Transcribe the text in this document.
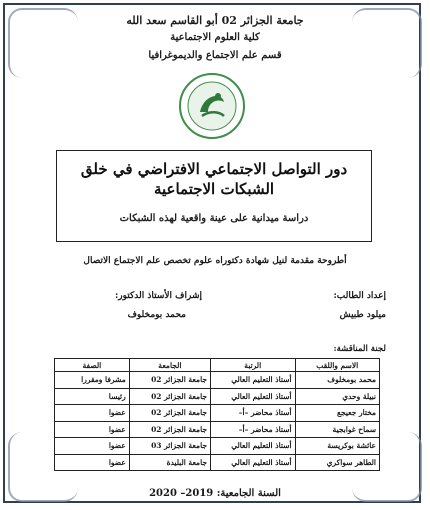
جامعة الجزائر 02 أبو القاسم سعد الله
كلية العلوم الاجتماعية
قسم علم الاجتماع والديموغرافيا
دور التواصل الاجتماعي الافتراضي في خلق الشبكات الاجتماعية
دراسة ميدانية على عينة واقعية لهذه الشبكات
أطروحة مقدمة لنيل شهادة دكتوراه علوم تخصص علم الاجتماع الاتصال
إعداد الطالب:
ميلود طبيش
إشراف الأستاذ الدكتور:
محمد بومخلوف
لجنة المناقشة:
الاسم واللقب	الرتبة	الجامعة	الصفة
محمد بومخلوف	أستاذ التعليم العالي	جامعة الجزائر 02	مشرفا ومقررا
نبيلة وحدي	أستاذ التعليم العالي	جامعة الجزائر 02	رئيسا
مختار جعيجع	أستاذ محاضر –أ–	جامعة الجزائر 02	عضوا
سماح غوابجية	أستاذ محاضر –أ–	جامعة الجزائر 02	عضوا
عائشة بوكريسة	أستاذ التعليم العالي	جامعة الجزائر 03	عضوا
الطاهر سواكري	أستاذ التعليم العالي	جامعة البليدة	عضوا
السنة الجامعية: 2019– 2020
